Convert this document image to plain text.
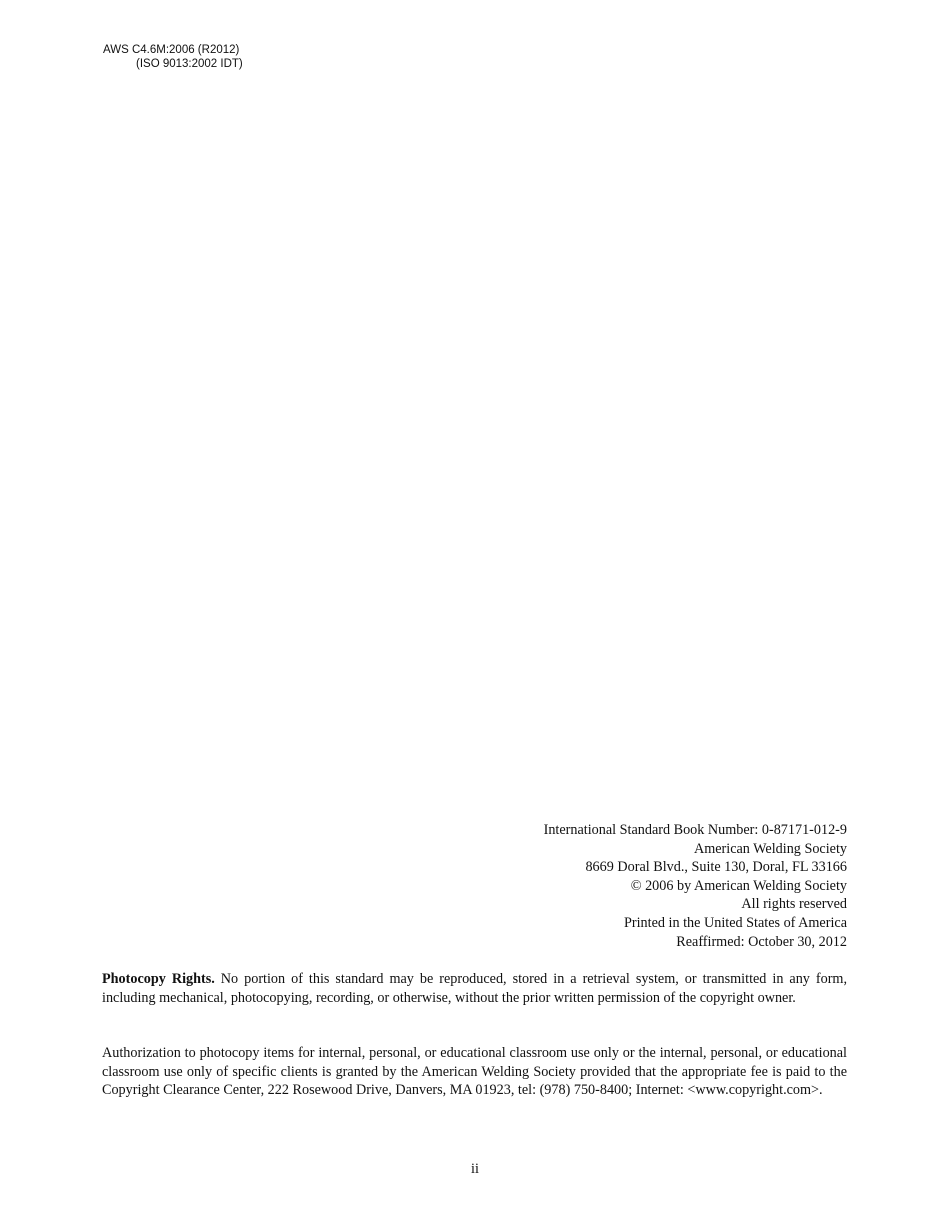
AWS C4.6M:2006 (R2012)
(ISO 9013:2002 IDT)
International Standard Book Number: 0-87171-012-9
American Welding Society
8669 Doral Blvd., Suite 130, Doral, FL 33166
© 2006 by American Welding Society
All rights reserved
Printed in the United States of America
Reaffirmed: October 30, 2012
Photocopy Rights. No portion of this standard may be reproduced, stored in a retrieval system, or transmitted in any form, including mechanical, photocopying, recording, or otherwise, without the prior written permission of the copyright owner.
Authorization to photocopy items for internal, personal, or educational classroom use only or the internal, personal, or educational classroom use only of specific clients is granted by the American Welding Society provided that the appropriate fee is paid to the Copyright Clearance Center, 222 Rosewood Drive, Danvers, MA 01923, tel: (978) 750-8400; Internet: <www.copyright.com>.
ii
